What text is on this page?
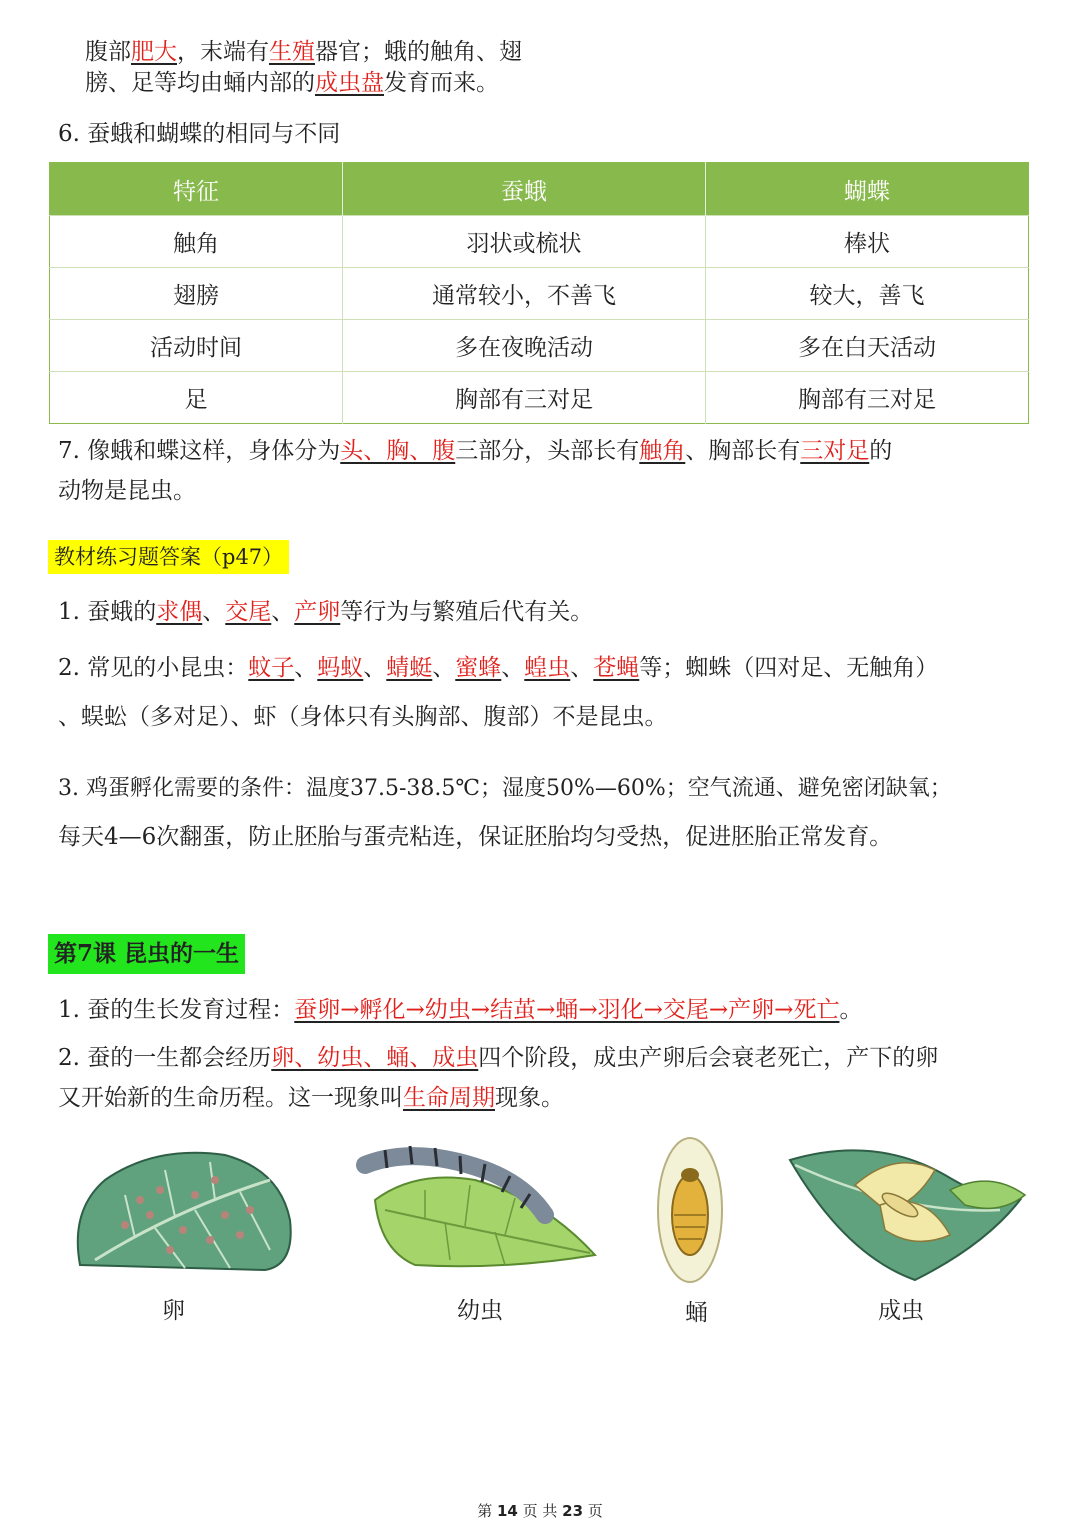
腹部肥大，末端有生殖器官；蛾的触角、翅
膀、足等均由蛹内部的成虫盘发育而来。
6. 蚕蛾和蝴蝶的相同与不同
特征	蚕蛾	蝴蝶
触角	羽状或梳状	棒状
翅膀	通常较小，不善飞	较大，善飞
活动时间	多在夜晚活动	多在白天活动
足	胸部有三对足	胸部有三对足
7. 像蛾和蝶这样，身体分为头、胸、腹三部分，头部长有触角、胸部长有三对足的
动物是昆虫。
教材练习题答案（p47）
1. 蚕蛾的求偶、交尾、产卵等行为与繁殖后代有关。
2. 常见的小昆虫：蚊子、蚂蚁、蜻蜓、蜜蜂、蝗虫、苍蝇等；蜘蛛（四对足、无触角）
、蜈蚣（多对足）、虾（身体只有头胸部、腹部）不是昆虫。
3. 鸡蛋孵化需要的条件：温度37.5-38.5℃；湿度50%—60%；空气流通、避免密闭缺氧；
每天4—6次翻蛋，防止胚胎与蛋壳粘连，保证胚胎均匀受热，促进胚胎正常发育。
第7课 昆虫的一生
1. 蚕的生长发育过程：蚕卵→孵化→幼虫→结茧→蛹→羽化→交尾→产卵→死亡。
2. 蚕的一生都会经历卵、幼虫、蛹、成虫四个阶段，成虫产卵后会衰老死亡，产下的卵
又开始新的生命历程。这一现象叫生命周期现象。
卵	幼虫	蛹	成虫
第 14 页 共 23 页
